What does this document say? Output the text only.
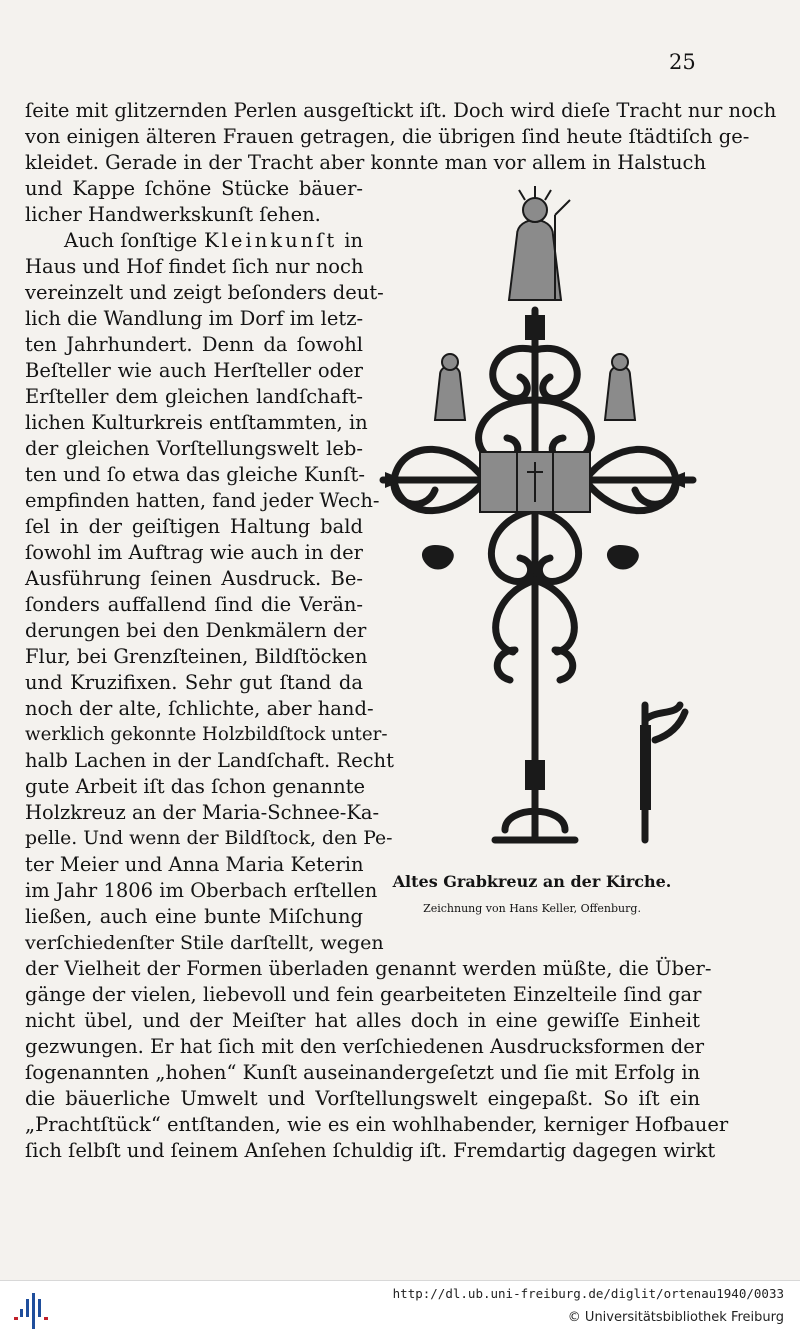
25
ſeite mit glitzernden Perlen ausgeſtickt iſt. Doch wird dieſe Tracht nur noch
von einigen älteren Frauen getragen, die übrigen ſind heute ſtädtiſch ge-
kleidet. Gerade in der Tracht aber konnte man vor allem in Halstuch
und Kappe ſchöne Stücke bäuer-
licher Handwerkskunſt ſehen.
Auch ſonſtige Kleinkunſt in
Haus und Hof findet ſich nur noch
vereinzelt und zeigt beſonders deut-
lich die Wandlung im Dorf im letz-
ten Jahrhundert. Denn da ſowohl
Beſteller wie auch Herſteller oder
Erſteller dem gleichen landſchaft-
lichen Kulturkreis entſtammten, in
der gleichen Vorſtellungswelt leb-
ten und ſo etwa das gleiche Kunſt-
empfinden hatten, fand jeder Wech-
ſel in der geiſtigen Haltung bald
ſowohl im Auftrag wie auch in der
Ausführung ſeinen Ausdruck. Be-
ſonders auffallend ſind die Verän-
derungen bei den Denkmälern der
Flur, bei Grenzſteinen, Bildſtöcken
und Kruzifixen. Sehr gut ſtand da
noch der alte, ſchlichte, aber hand-
werklich gekonnte Holzbildſtock unter-
halb Lachen in der Landſchaft. Recht
gute Arbeit iſt das ſchon genannte
Holzkreuz an der Maria-Schnee-Ka-
pelle. Und wenn der Bildſtock, den Pe-
ter Meier und Anna Maria Keterin
im Jahr 1806 im Oberbach erſtellen
ließen, auch eine bunte Miſchung
verſchiedenſter Stile darſtellt, wegen
der Vielheit der Formen überladen genannt werden müßte, die Über-
gänge der vielen, liebevoll und fein gearbeiteten Einzelteile ſind gar
nicht übel, und der Meiſter hat alles doch in eine gewiſſe Einheit
gezwungen. Er hat ſich mit den verſchiedenen Ausdrucksformen der
ſogenannten „hohen“ Kunſt auseinandergeſetzt und ſie mit Erfolg in
die bäuerliche Umwelt und Vorſtellungswelt eingepaßt. So iſt ein
„Prachtſtück“ entſtanden, wie es ein wohlhabender, kerniger Hofbauer
ſich ſelbſt und ſeinem Anſehen ſchuldig iſt. Fremdartig dagegen wirkt
Altes Grabkreuz an der Kirche.
Zeichnung von Hans Keller, Offenburg.
http://dl.ub.uni-freiburg.de/diglit/ortenau1940/0033
© Universitätsbibliothek Freiburg
